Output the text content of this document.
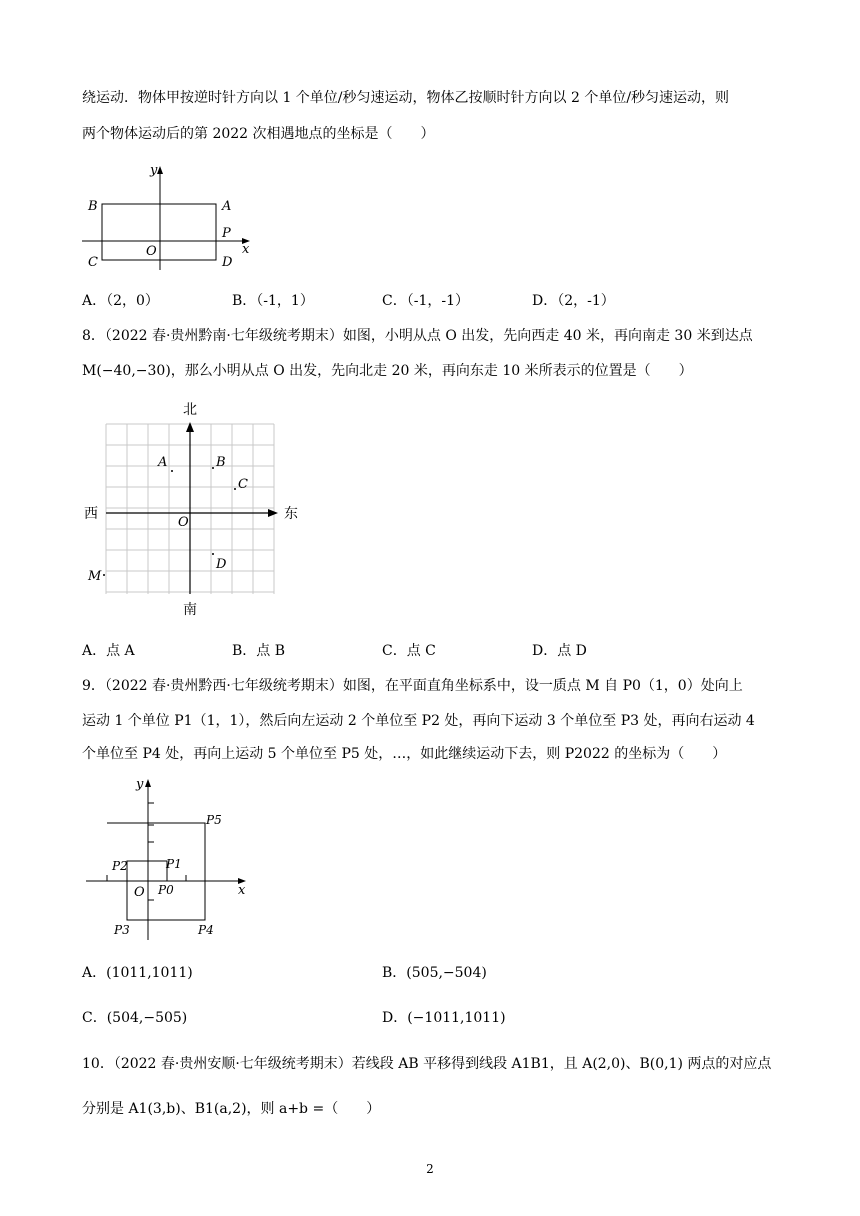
绕运动．物体甲按逆时针方向以 1 个单位/秒匀速运动，物体乙按顺时针方向以 2 个单位/秒匀速运动，则
两个物体运动后的第 2022 次相遇地点的坐标是（　　）
y
x
B	A
P
C
O
D
A．（2，0）	B．（-1，1）	C．（-1，-1）	D．（2，-1）
8．（2022 春·贵州黔南·七年级统考期末）如图，小明从点 O 出发，先向西走 40 米，再向南走 30 米到达点
M(−40,−30)，那么小明从点 O 出发，先向北走 20 米，再向东走 10 米所表示的位置是（　　）
北
南
西	东
A	B
C
O
D
M
A．点 A	B．点 B	C．点 C	D．点 D
9．（2022 春·贵州黔西·七年级统考期末）如图，在平面直角坐标系中，设一质点 M 自 P0（1，0）处向上
运动 1 个单位 P1（1，1），然后向左运动 2 个单位至 P2 处，再向下运动 3 个单位至 P3 处，再向右运动 4
个单位至 P4 处，再向上运动 5 个单位至 P5 处，…，如此继续运动下去，则 P2022 的坐标为（　　）
y
x
O
P5
P2	P1
P0
P3	P4
A．(1011,1011)	B．(505,−504)
C．(504,−505)	D．(−1011,1011)
10．（2022 春·贵州安顺·七年级统考期末）若线段 AB 平移得到线段 A1B1，且 A(2,0)、B(0,1) 两点的对应点
分别是 A1(3,b)、B1(a,2)，则 a+b =（　　）
2
